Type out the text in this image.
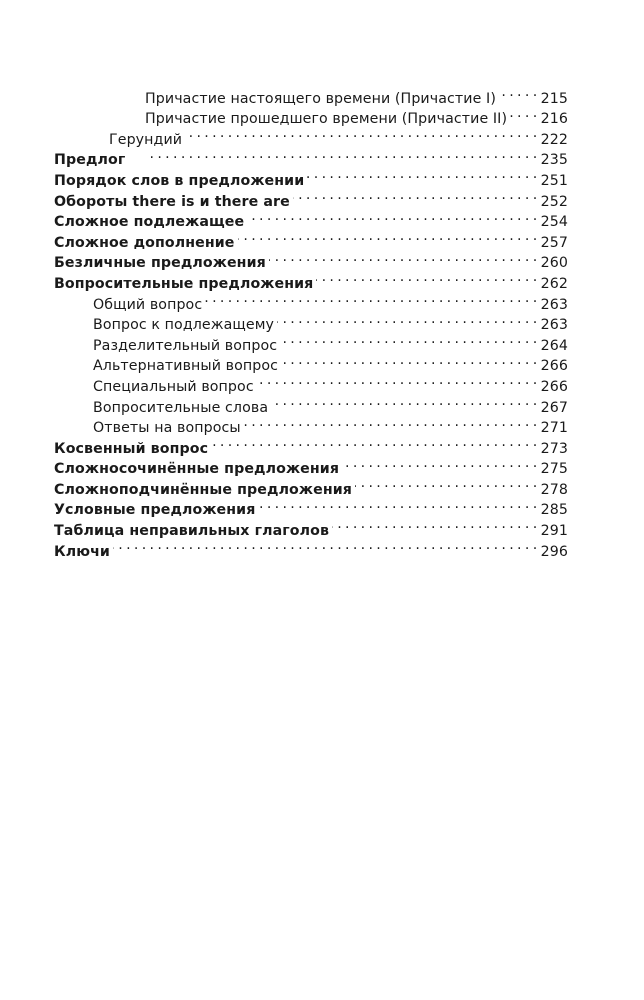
Причастие настоящего времени (Причастие I) . . .	215
Причастие прошедшего времени (Причастие II) . . . 216
Герундий . . .	222
Предлог . . .	235
Порядок слов в предложении . . .	251
Обороты there is и there are . . .	252
Сложное подлежащее . . .	254
Сложное дополнение . . .	257
Безличные предложения . . .	260
Вопросительные предложения . . .	262
Общий вопрос . . .	263
Вопрос к подлежащему . . .	263
Разделительный вопрос . . .	264
Альтернативный вопрос . . .	266
Специальный вопрос . . .	266
Вопросительные слова . . .	267
Ответы на вопросы . . .	271
Косвенный вопрос . . .	273
Сложносочинённые предложения . . .	275
Сложноподчинённые предложения . . .	278
Условные предложения . . .	285
Таблица неправильных глаголов . . .	291
Ключи . . .	296
